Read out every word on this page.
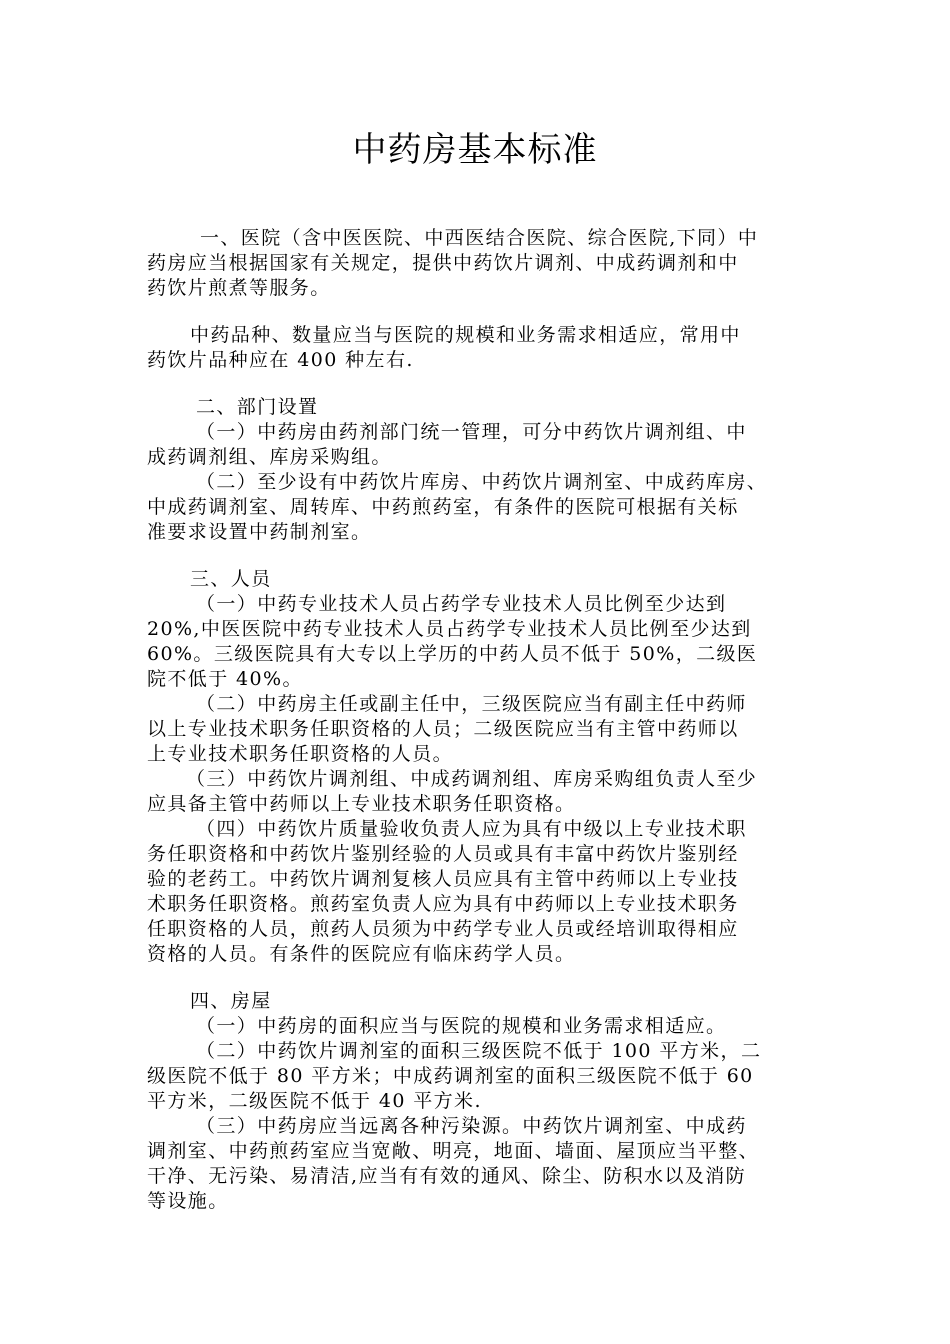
中药房基本标准
一、医院（含中医医院、中西医结合医院、综合医院,下同）中
药房应当根据国家有关规定，提供中药饮片调剂、中成药调剂和中
药饮片煎煮等服务。
中药品种、数量应当与医院的规模和业务需求相适应，常用中
药饮片品种应在 400 种左右.
二、部门设置
（一）中药房由药剂部门统一管理，可分中药饮片调剂组、中
成药调剂组、库房采购组。
（二）至少设有中药饮片库房、中药饮片调剂室、中成药库房、
中成药调剂室、周转库、中药煎药室，有条件的医院可根据有关标
准要求设置中药制剂室。
三、人员
（一）中药专业技术人员占药学专业技术人员比例至少达到
20%,中医医院中药专业技术人员占药学专业技术人员比例至少达到
60%。三级医院具有大专以上学历的中药人员不低于 50%，二级医
院不低于 40%。
（二）中药房主任或副主任中，三级医院应当有副主任中药师
以上专业技术职务任职资格的人员；二级医院应当有主管中药师以
上专业技术职务任职资格的人员。
（三）中药饮片调剂组、中成药调剂组、库房采购组负责人至少
应具备主管中药师以上专业技术职务任职资格。
（四）中药饮片质量验收负责人应为具有中级以上专业技术职
务任职资格和中药饮片鉴别经验的人员或具有丰富中药饮片鉴别经
验的老药工。中药饮片调剂复核人员应具有主管中药师以上专业技
术职务任职资格。煎药室负责人应为具有中药师以上专业技术职务
任职资格的人员，煎药人员须为中药学专业人员或经培训取得相应
资格的人员。有条件的医院应有临床药学人员。
四、房屋
（一）中药房的面积应当与医院的规模和业务需求相适应。
（二）中药饮片调剂室的面积三级医院不低于 100 平方米，二
级医院不低于 80 平方米；中成药调剂室的面积三级医院不低于 60
平方米，二级医院不低于 40 平方米.
（三）中药房应当远离各种污染源。中药饮片调剂室、中成药
调剂室、中药煎药室应当宽敞、明亮，地面、墙面、屋顶应当平整、
干净、无污染、易清洁,应当有有效的通风、除尘、防积水以及消防
等设施。
